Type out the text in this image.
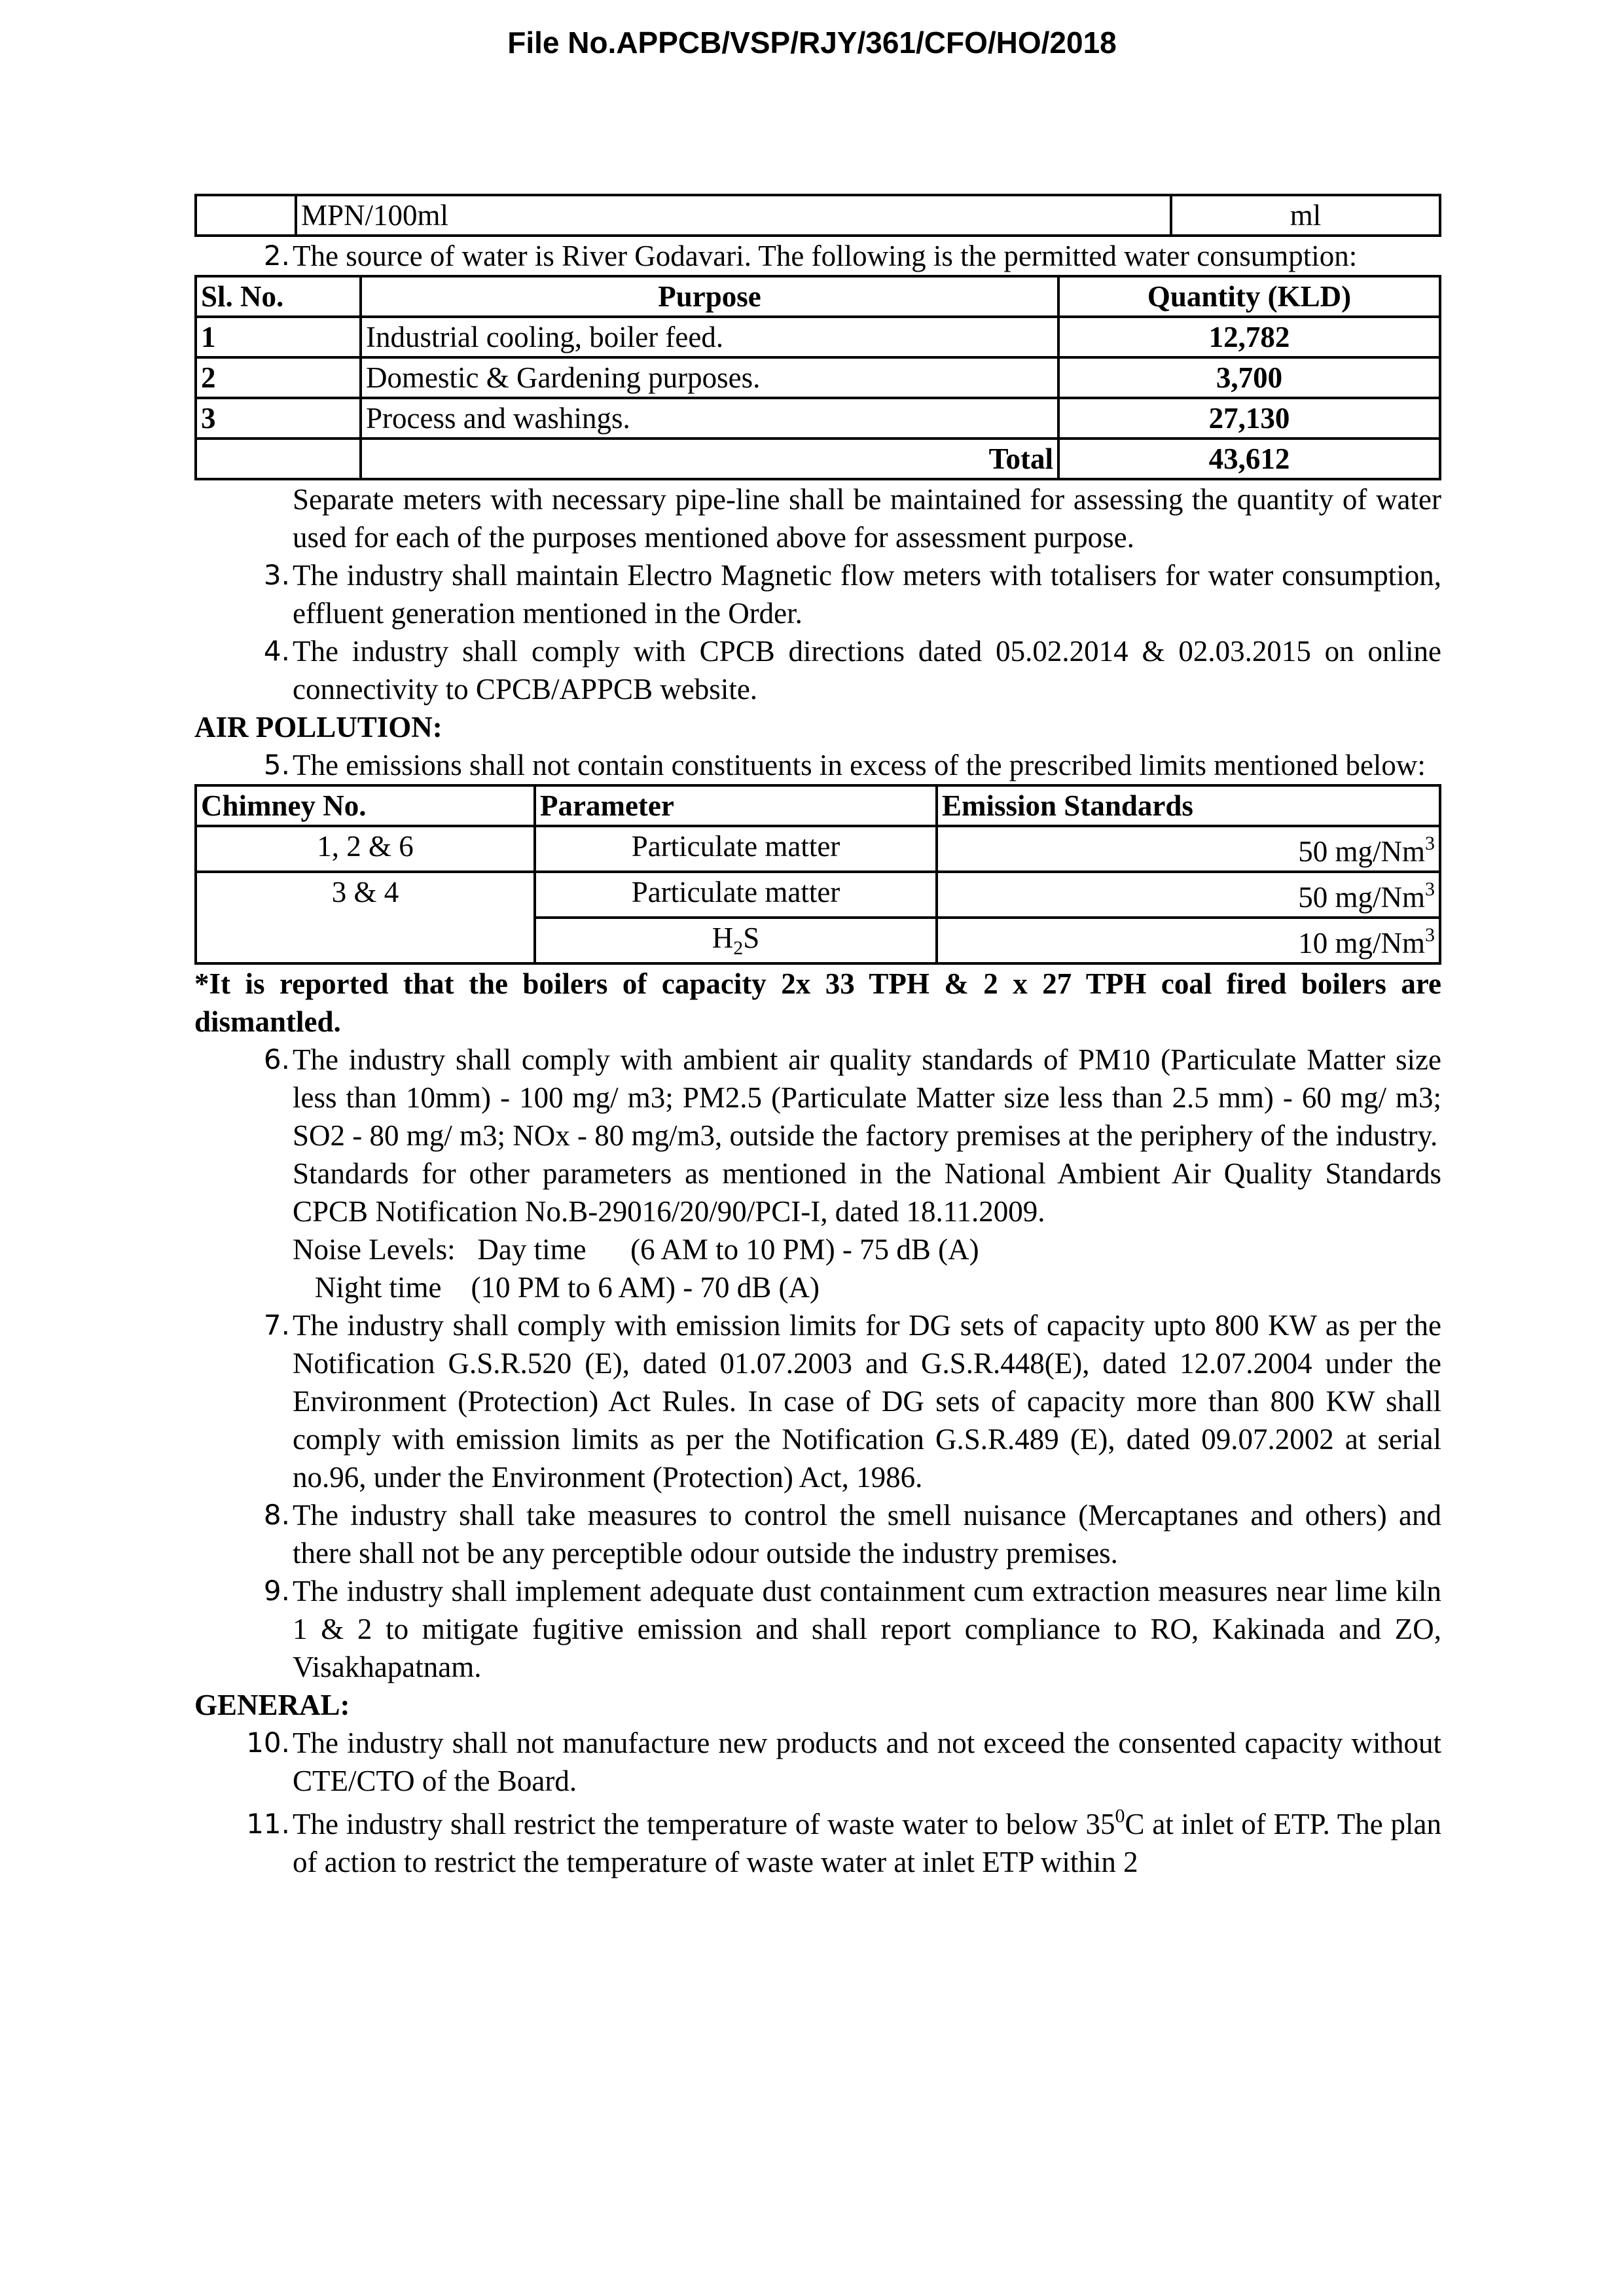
File No.APPCB/VSP/RJY/361/CFO/HO/2018
	MPN/100ml	ml
2. The source of water is River Godavari. The following is the permitted water consumption:
Sl. No.	Purpose	Quantity (KLD)
1	Industrial cooling, boiler feed.	12,782
2	Domestic & Gardening purposes.	3,700
3	Process and washings.	27,130
	Total	43,612
Separate meters with necessary pipe-line shall be maintained for assessing the quantity of water used for each of the purposes mentioned above for assessment purpose.
3. The industry shall maintain Electro Magnetic flow meters with totalisers for water consumption, effluent generation mentioned in the Order.
4. The industry shall comply with CPCB directions dated 05.02.2014 & 02.03.2015 on online connectivity to CPCB/APPCB website.
AIR POLLUTION:
5. The emissions shall not contain constituents in excess of the prescribed limits mentioned below:
Chimney No.	Parameter	Emission Standards
1, 2 & 6	Particulate matter	50 mg/Nm$^3$
3 & 4	Particulate matter	50 mg/Nm$^3$
	$H_2S$	10 mg/Nm$^3$
*It is reported that the boilers of capacity 2x 33 TPH & 2 x 27 TPH coal fired boilers are dismantled.
6. The industry shall comply with ambient air quality standards of PM10 (Particulate Matter size less than 10mm) - 100 mg/ m3; PM2.5 (Particulate Matter size less than 2.5 mm) - 60 mg/ m3; SO2 - 80 mg/ m3; NOx - 80 mg/m3, outside the factory premises at the periphery of the industry.
Standards for other parameters as mentioned in the National Ambient Air Quality Standards CPCB Notification No.B-29016/20/90/PCI-I, dated 18.11.2009.
Noise Levels:   Day time      (6 AM to 10 PM) - 75 dB (A)
Night time    (10 PM to 6 AM) - 70 dB (A)
7. The industry shall comply with emission limits for DG sets of capacity upto 800 KW as per the Notification G.S.R.520 (E), dated 01.07.2003 and G.S.R.448(E), dated 12.07.2004 under the Environment (Protection) Act Rules. In case of DG sets of capacity more than 800 KW shall comply with emission limits as per the Notification G.S.R.489 (E), dated 09.07.2002 at serial no.96, under the Environment (Protection) Act, 1986.
8. The industry shall take measures to control the smell nuisance (Mercaptanes and others) and there shall not be any perceptible odour outside the industry premises.
9. The industry shall implement adequate dust containment cum extraction measures near lime kiln 1 & 2 to mitigate fugitive emission and shall report compliance to RO, Kakinada and ZO, Visakhapatnam.
GENERAL:
10. The industry shall not manufacture new products and not exceed the consented capacity without CTE/CTO of the Board.
11. The industry shall restrict the temperature of waste water to below $35^0C$ at inlet of ETP. The plan of action to restrict the temperature of waste water at inlet ETP within 2
